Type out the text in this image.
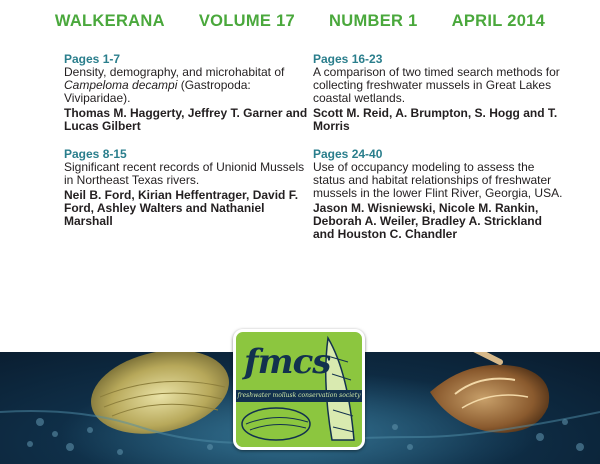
WALKERANA VOLUME 17 NUMBER 1 APRIL 2014
Pages 1-7
Density, demography, and microhabitat of Campeloma decampi (Gastropoda: Viviparidae).
Thomas M. Haggerty, Jeffrey T. Garner and Lucas Gilbert
Pages 8-15
Significant recent records of Unionid Mussels in Northeast Texas rivers.
Neil B. Ford, Kirian Heffentrager, David F. Ford, Ashley Walters and Nathaniel Marshall
Pages 16-23
A comparison of two timed search methods for collecting freshwater mussels in Great Lakes coastal wetlands.
Scott M. Reid, A. Brumpton, S. Hogg and T. Morris
Pages 24-40
Use of occupancy modeling to assess the status and habitat relationships of freshwater mussels in the lower Flint River, Georgia, USA.
Jason M. Wisniewski, Nicole M. Rankin, Deborah A. Weiler, Bradley A. Strickland and Houston C. Chandler
fmcs
freshwater mollusk conservation society
